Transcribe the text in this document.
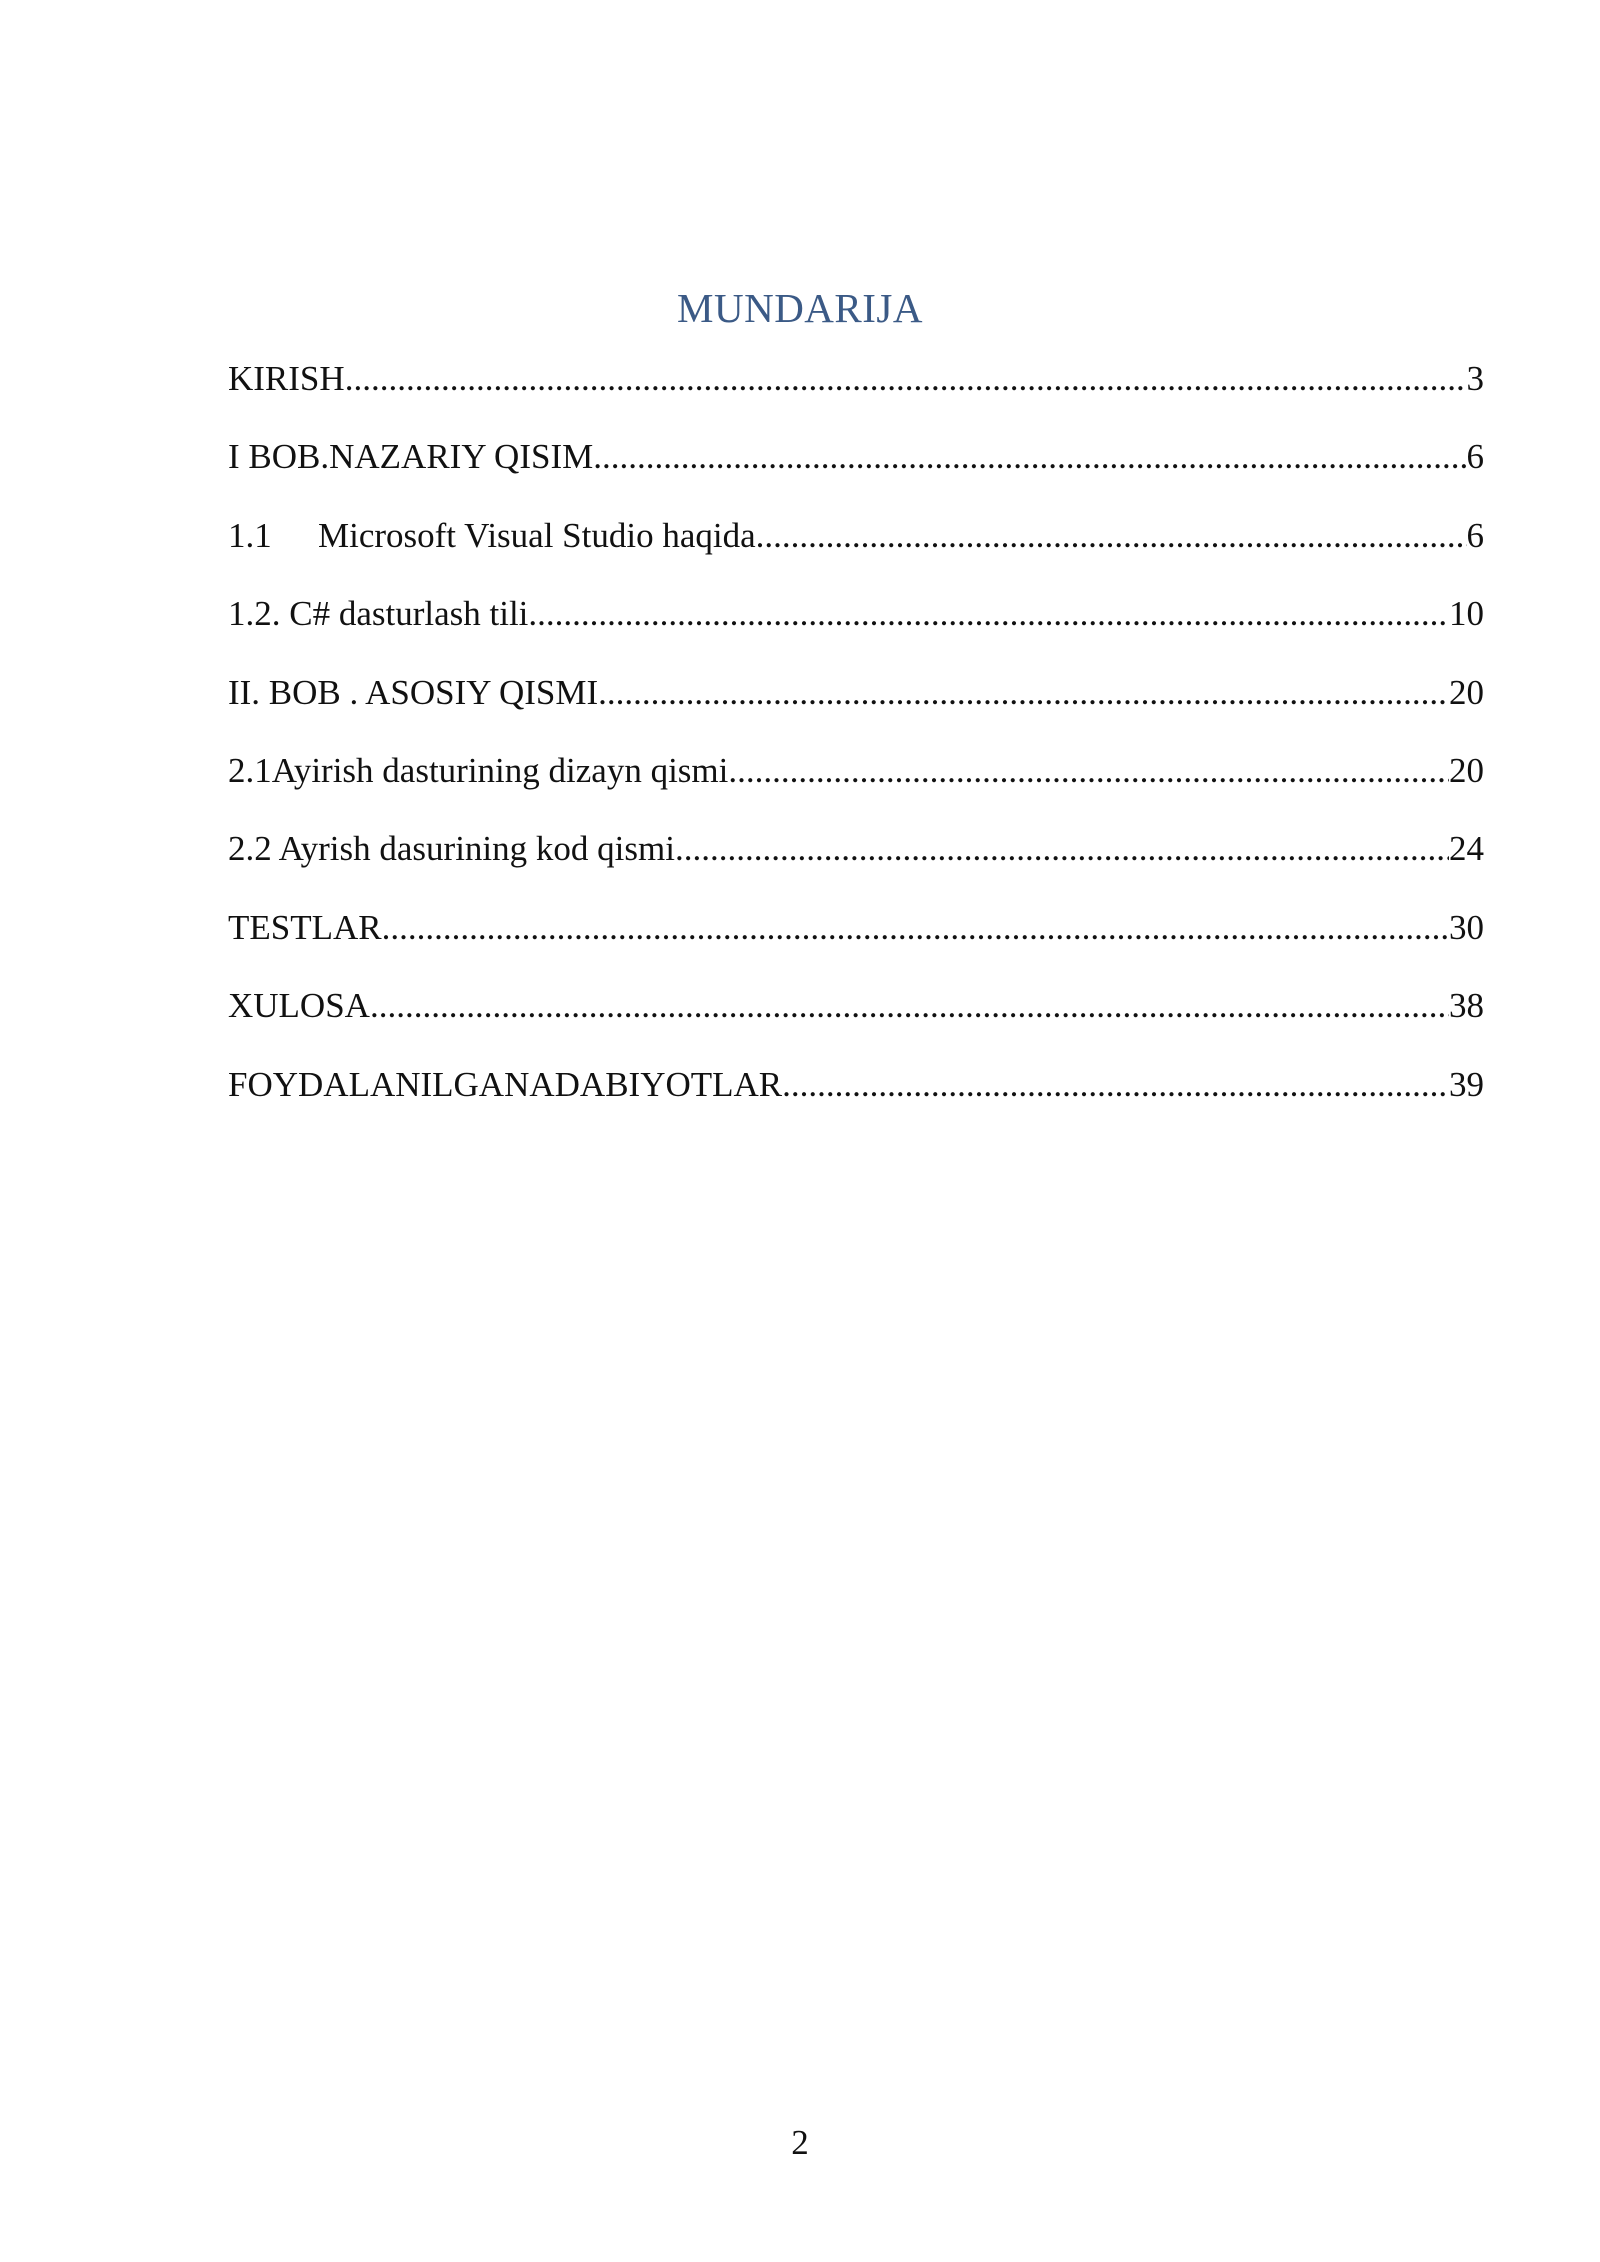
MUNDARIJA
KIRISH .....	3
I BOB.NAZARIY QISIM .....	6
1.1	Microsoft Visual Studio haqida .....	6
1.2. C# dasturlash tili .....	10
II. BOB . ASOSIY QISMI .....	20
2.1Ayirish dasturining dizayn qismi .....	20
2.2 Ayrish dasurining kod qismi .....	24
TESTLAR .....	30
XULOSA .....	38
FOYDALANILGANADABIYOTLAR .....	39
2
